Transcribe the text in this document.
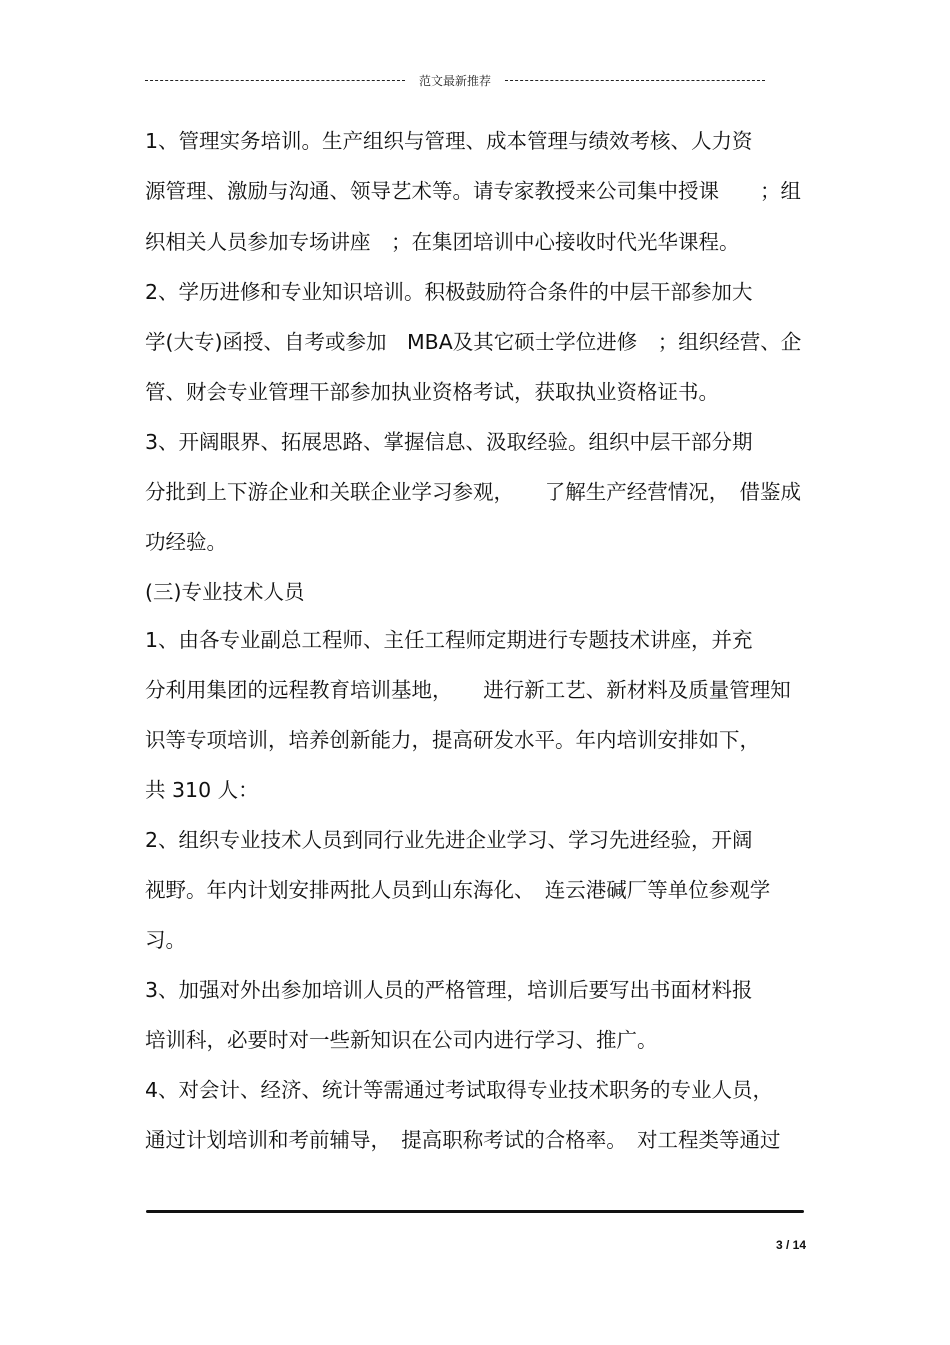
范文最新推荐
1、管理实务培训。生产组织与管理、成本管理与绩效考核、人力资
源管理、激励与沟通、领导艺术等。请专家教授来公司集中授课　　；组
织相关人员参加专场讲座　；在集团培训中心接收时代光华课程。
2、学历进修和专业知识培训。积极鼓励符合条件的中层干部参加大
学(大专)函授、自考或参加　MBA及其它硕士学位进修　；组织经营、企
管、财会专业管理干部参加执业资格考试，获取执业资格证书。
3、开阔眼界、拓展思路、掌握信息、汲取经验。组织中层干部分期
分批到上下游企业和关联企业学习参观，　　了解生产经营情况，　借鉴成
功经验。
(三)专业技术人员
1、由各专业副总工程师、主任工程师定期进行专题技术讲座，并充
分利用集团的远程教育培训基地，　　进行新工艺、新材料及质量管理知
识等专项培训，培养创新能力，提高研发水平。年内培训安排如下，
共 310 人：
2、组织专业技术人员到同行业先进企业学习、学习先进经验，开阔
视野。年内计划安排两批人员到山东海化、　连云港碱厂等单位参观学
习。
3、加强对外出参加培训人员的严格管理，培训后要写出书面材料报
培训科，必要时对一些新知识在公司内进行学习、推广。
4、对会计、经济、统计等需通过考试取得专业技术职务的专业人员，
通过计划培训和考前辅导，　提高职称考试的合格率。　对工程类等通过
3 / 14
